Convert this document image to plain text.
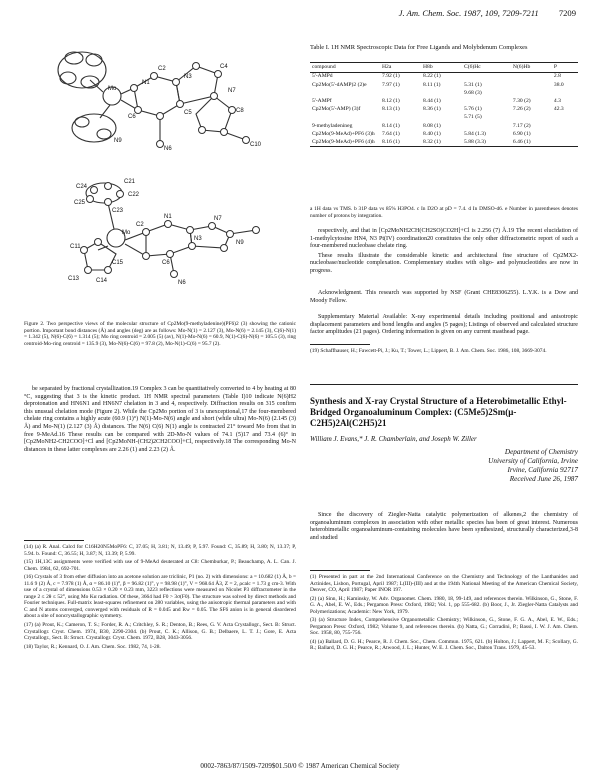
J. Am. Chem. Soc. 1987, 109, 7209-7211 7209
Mo
N9
N7
N3
N1
C6
C2
C5
C4
C8
N6
C10
C21
C22
C23
C24
C25
Mo
C11
C13	C14
C15
N9
N7
N3
N1
C2
C6
N6
Figure 2. Two perspective views of the molecular structure of Cp2Mo(9-methyladenine)(PF6)2 (3) showing the cationic portion. Important bond distances (Å) and angles (deg) are as follows: Mo-N(1) = 2.127 (3), Mo-N(6) = 2.145 (3), C(6)-N(1) = 1.342 (5), N(6)-C(6) = 1.314 (5); Mo ring centroid = 2.005 (5) (av), N(1)-Mo-N(6) = 60.9, N(1)-C(6)-N(6) = 105.5 (3), ring centroid-Mo-ring centroid = 135.9 (3), Mo-N(6)-C(6) = 97.8 (2), Mo-N(1)-C(6) = 95.7 (2).

be separated by fractional crystallization.19 Complex 3 can be quantitatively converted to 4 by heating at 80 °C, suggesting that 3 is the kinetic product. 1H NMR spectral parameters (Table I)10 indicate N(6)H2 deprotonation and HN6N1 and HN6N7 chelation in 3 and 4, respectively. Diffraction results on 315 confirm this unusual chelation mode (Figure 2). While the Cp2Mo portion of 3 is unexceptional,17 the four-membered chelate ring contains a highly acute (60.9 (1)°) N(1)-Mo-N(6) angle and short (while ultra) Mo-N(6) (2.145 (3) Å) and Mo-N(1) (2.127 (3) Å) distances. The N(6) C(6) N(1) angle is contracted 21° toward Mo from that in free 9-MeAd.16 These results can be compared with 2D-Mo-N values of 74.1 (5)17 and 73.4 (6)° in [Cp2MoNH2-CH2COO]+Cl and [Cp2MoNH-(CH2)2CH2COO]+Cl, respectively.18 The corresponding Mo-N distances in these latter complexes are 2.26 (1) and 2.23 (2) Å.

(14) (a) R. Anal. Calcd for C16H20N5MoPF6: C, 37.05; H, 3.81; N, 13.49; P, 5.97. Found: C, 35.89; H, 3.80; N, 13.37; P, 5.94. b. Found: C, 36.55; H, 3.87; N, 13.39; P, 5.99.

(15) 1H,13C assignments were verified with use of 9-MeAd deuterated at C8: Chemburkar, P.; Beauchamp, A. L. Can. J. Chem. 1984, 62, 692-701.

(16) Crystals of 3 from ether diffusion into an acetone solution are triclinic, P1 (no. 2) with dimensions: a = 10.682 (1) Å, b = 11.6 9 (2) Å, c = 7.978 (1) Å, α = 86.10 (1)°, β = 96.82 (1)°, γ = 98.98 (1)°, V = 968.64 Å3, Z = 2, ρcalc = 1.73 g cm-3. With use of a crystal of dimensions 0.53 × 0.20 × 0.23 mm, 3223 reflections were measured on Nicolet P3 diffractometer in the range 2 ≤ 2θ ≤ 52°, using Mo Kα radiation. Of these, 3664 had F0 > 3σ(F0). The structure was solved by direct methods and Fourier techniques. Full-matrix least-squares refinement on 280 variables, using the anisotropic thermal parameters and with C and N atoms converged, converged with residuals of R = 0.045 and Rw = 0.05. The SF6 anion is in general disordered about a site of noncrystallographic symmetry.

(17) (a) Prout, K.; Cameron, T. S.; Forder, R. A.; Critchley, S. R.; Denton, B.; Rees, G. V. Acta Crystallogr., Sect. B: Struct. Crystallogr. Cryst. Chem. 1974, B30, 2290-2304. (b) Prout, C. K.; Allison, G. B.; Delbaere, L. T. J.; Gore, E. Acta Crystallogr., Sect. B: Struct. Crystallogr. Cryst. Chem. 1972, B28, 3043-3056.

(18) Taylor, R.; Kennard, O. J. Am. Chem. Soc. 1982, 74, 1-28.

Table I. 1H NMR Spectroscopic Data for Free Ligands and Molybdenum Complexes
compound	H2a	H8b	C(6)Hc	N(6)Hb	P
5'-AMPd	7.92 (1)	8.22 (1)			2.8
Cp2Mo(5'-dAMP)2 (2)e	7.97 (1)	8.11 (1)	5.31 (1)		38.0
			9.68 (3)		
5'-AMPf	8.12 (1)	8.44 (1)		7.30 (2)	4.3
Cp2Mo(5'-AMP) (3)f	8.13 (1)	8.36 (1)	5.76 (1)	7.26 (2)	42.3
			5.71 (5)		
9-methyladenineg	8.14 (1)	8.08 (1)		7.17 (2)	
Cp2Mo(9-MeAd)+PF6 (3)h	7.64 (1)	8.40 (1)	5.84 (1.3)	6.90 (1)	
Cp2Mo(9-MeAd)+PF6 (4)h	8.16 (1)	8.32 (1)	5.88 (3.3)	6.46 (1)	
a 1H data vs TMS. b 31P data vs 85% H3PO4. c In D2O at pD = 7.4. d In DMSO-d6. e Number in parentheses denotes number of protons by integration.

respectively, and that in [Cp2MoNH2CH(CH2SO)CO2H]+Cl is 2.256 (7) Å.19 The recent elucidation of 1-methylcytosine HN4, N3 Pt(IV) coordination20 constitutes the only other diffractometric report of such a four-membered nucleobase chelate ring.

These results illustrate the considerable kinetic and architectural fine structure of Cp2MX2-nucleobase/nucleotide complexation. Complementary studies with oligo- and polynucleotides are now in progress.

Acknowledgment. This research was supported by NSF (Grant CHE8306255). L.Y.K. is a Dow and Moody Fellow.

Supplementary Material Available: X-ray experimental details including positional and anisotropic displacement parameters and bond lengths and angles (5 pages); Listings of observed and calculated structure factor amplitudes (21 pages). Ordering information is given on any current masthead page.

(19) Schaffhauser, H.; Fawcett-Pi, J.; Ku, T.; Tower, L.; Lippert, B. J. Am. Chem. Soc. 1986, 108, 3669-3074.

Synthesis and X-ray Crystal Structure of a Heterobimetallic Ethyl-Bridged Organoaluminum Complex: (C5Me5)2Sm(μ-C2H5)2Al(C2H5)21
William J. Evans,* J. R. Chamberlain, and Joseph W. Ziller
Department of Chemistry
University of California, Irvine
Irvine, California 92717
Received June 26, 1987

Since the discovery of Ziegler-Natta catalytic polymerization of alkenes,2 the chemistry of organoaluminum complexes in association with other metallic species has been of great interest. Numerous heterobimetallic organoaluminum-containing molecules have been synthesized, structurally characterized,3-8 and studied

(1) Presented in part at the 2nd International Conference on the Chemistry and Technology of the Lanthanides and Actinides, Lisbon, Portugal, April 1987; L(III)-(III) and at the 194th National Meeting of the American Chemical Society, Denver, CO, April 1987; Paper INOR 197.

(2) (a) Sinn, H.; Kaminsky, W. Adv. Organomet. Chem. 1980, 18, 99-149, and references therein. Wilkinson, G., Stone, F. G. A., Abel, E. W., Eds.; Pergamon Press: Oxford, 1982; Vol. 1, pp 555-682. (b) Boor, J., Jr. Ziegler-Natta Catalysts and Polymerizations; Academic: New York, 1979.

(3) (a) Structure Index, Comprehensive Organometallic Chemistry; Wilkinson, G., Stone, F. G. A., Abel, E. W., Eds.; Pergamon Press: Oxford, 1982; Volume 9, and references therein. (b) Natta, G.; Corradini, P.; Bassi, I. W. J. Am. Chem. Soc. 1958, 80, 755-756.

(4) (a) Ballard, D. G. H.; Pearce, R. J. Chem. Soc., Chem. Commun. 1975, 621. (b) Holton, J.; Lappert, M. F.; Scollary, G. R.; Ballard, D. G. H.; Pearce, R.; Atwood, J. L.; Hunter, W. E. J. Chem. Soc., Dalton Trans. 1979, 45-53.

0002-7863/87/1509-7209$01.50/0 © 1987 American Chemical Society
